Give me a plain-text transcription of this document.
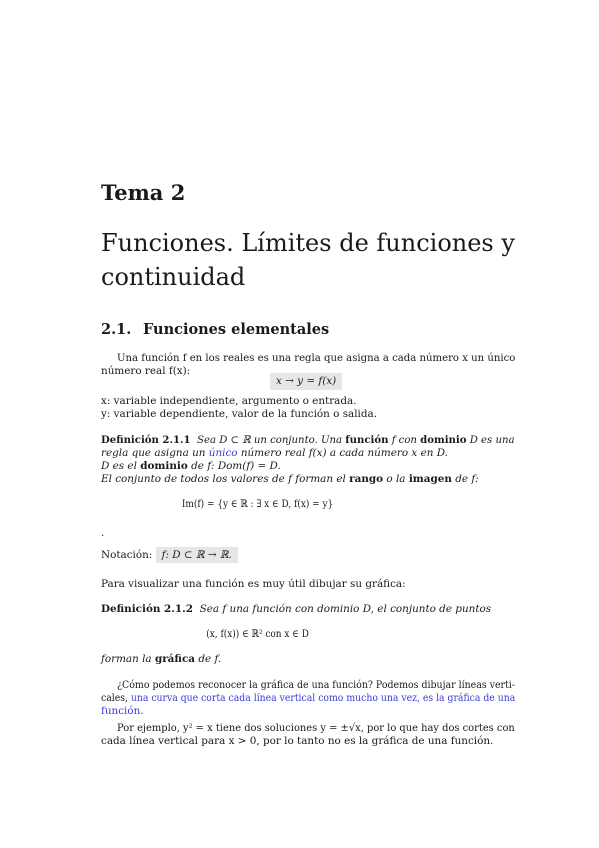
Tema 2
Funciones. Límites de funciones y
continuidad
2.1. Funciones elementales
Una función f en los reales es una regla que asigna a cada número x un único
número real f(x):
x → y = f(x)
x: variable independiente, argumento o entrada.
y: variable dependiente, valor de la función o salida.
Definición 2.1.1 Sea D ⊂ ℝ un conjunto. Una función f con dominio D es una
regla que asigna un único número real f(x) a cada número x en D.
D es el dominio de f: Dom(f) = D.
El conjunto de todos los valores de f forman el rango o la imagen de f:
Im(f) = {y ∈ ℝ : ∃ x ∈ D, f(x) = y}
.
Notación: f: D ⊂ ℝ → ℝ.
Para visualizar una función es muy útil dibujar su gráfica:
Definición 2.1.2 Sea f una función con dominio D, el conjunto de puntos
(x, f(x)) ∈ ℝ² con x ∈ D
forman la gráfica de f.
¿Cómo podemos reconocer la gráfica de una función? Podemos dibujar líneas verti-
cales, una curva que corta cada línea vertical como mucho una vez, es la gráfica de una
función.
Por ejemplo, y² = x tiene dos soluciones y = ±√x, por lo que hay dos cortes con
cada línea vertical para x > 0, por lo tanto no es la gráfica de una función.
